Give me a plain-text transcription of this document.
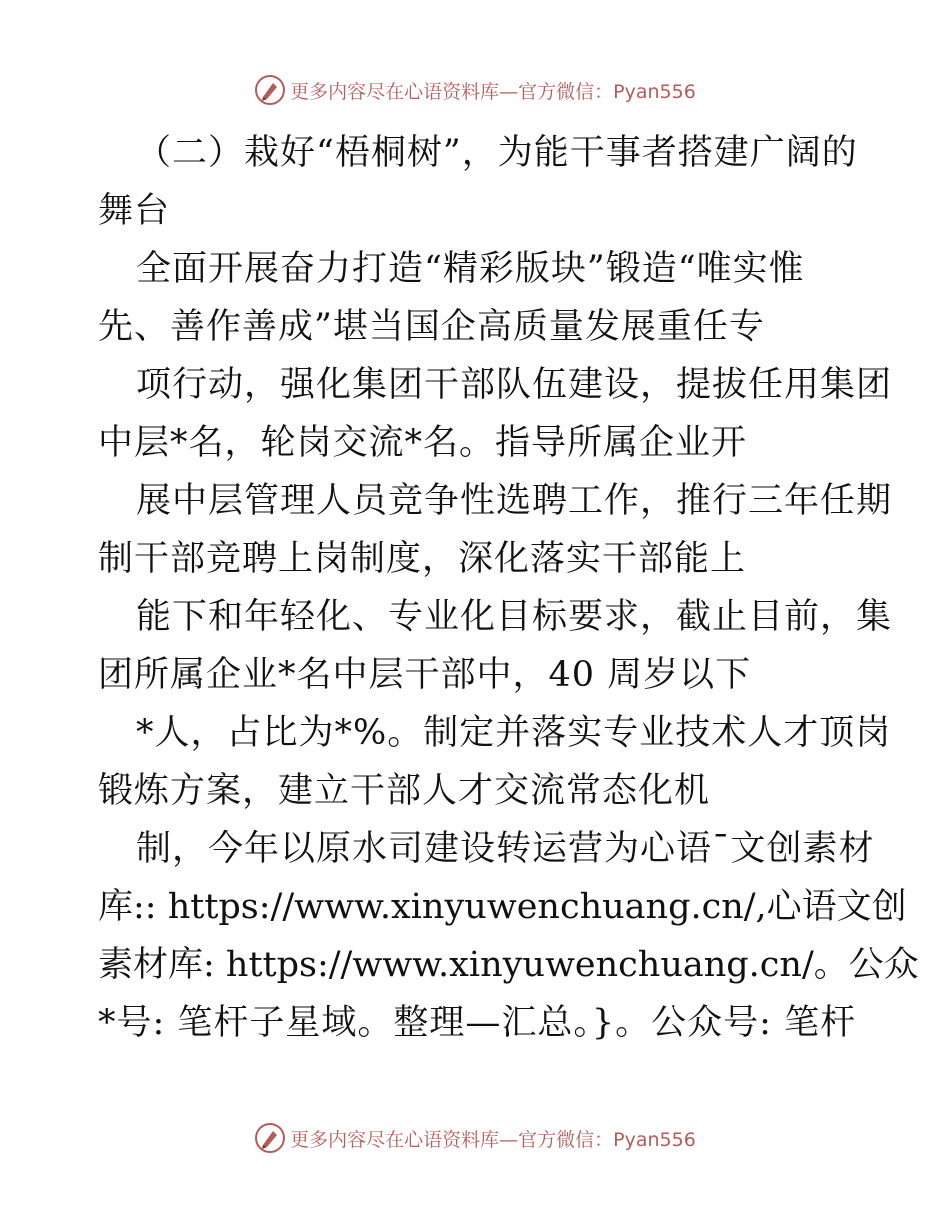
更多内容尽在心语资料库—官方微信：Pyan556
（二）栽好“梧桐树”，为能干事者搭建广阔的
舞台
全面开展奋力打造“精彩版块”锻造“唯实惟
先、善作善成”堪当国企高质量发展重任专
项行动，强化集团干部队伍建设，提拔任用集团
中层*名，轮岗交流*名。指导所属企业开
展中层管理人员竞争性选聘工作，推行三年任期
制干部竞聘上岗制度，深化落实干部能上
能下和年轻化、专业化目标要求，截止目前，集
团所属企业*名中层干部中，40 周岁以下
*人，占比为*%。制定并落实专业技术人才顶岗
锻炼方案，建立干部人才交流常态化机
制，今年以原水司建设转运营为心语¯文创素材
库:: https://www.xinyuwenchuang.cn/,心语文创
素材库: https://www.xinyuwenchuang.cn/。公众
*号: 笔杆子星域。整理—汇总。}。公众号: 笔杆
更多内容尽在心语资料库—官方微信：Pyan556
